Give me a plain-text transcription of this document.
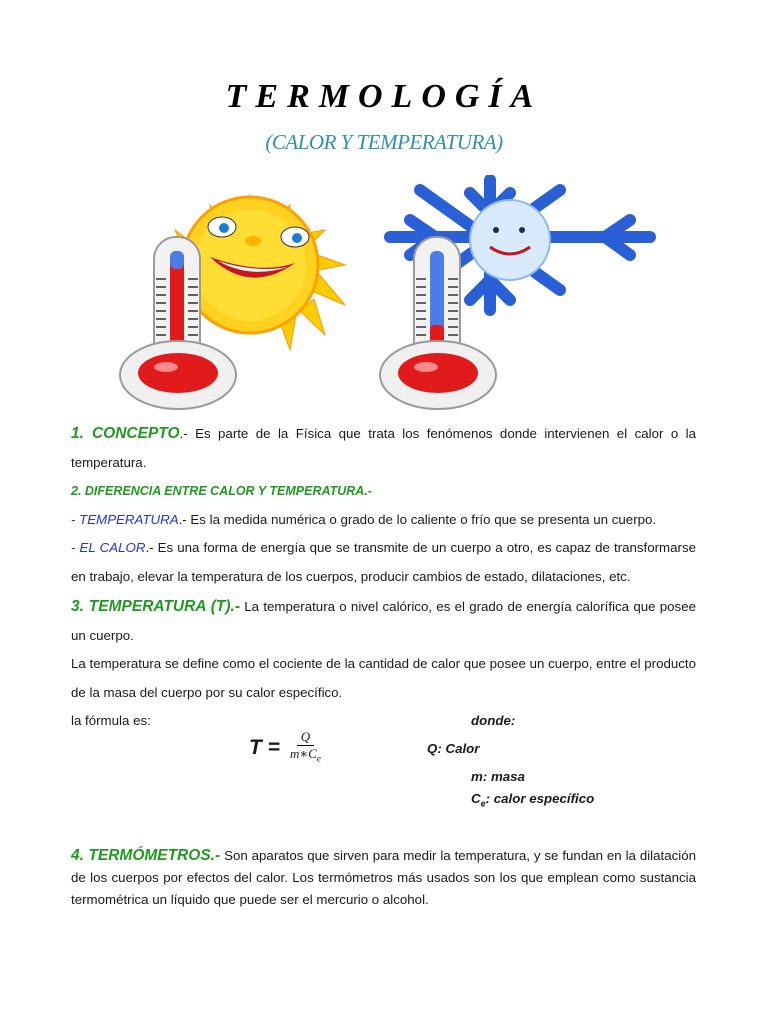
TERMOLOGÍA
(CALOR Y TEMPERATURA)

1. CONCEPTO.- Es parte de la Física que trata los fenómenos donde intervienen el calor o la temperatura.

2. DIFERENCIA ENTRE CALOR Y TEMPERATURA.-

- TEMPERATURA.- Es la medida numérica o grado de lo caliente o frío que se presenta un cuerpo.

- EL CALOR.- Es una forma de energía que se transmite de un cuerpo a otro, es capaz de transformarse en trabajo, elevar la temperatura de los cuerpos, producir cambios de estado, dilataciones, etc.

3. TEMPERATURA (T).- La temperatura o nivel calórico, es el grado de energía calorífica que posee un cuerpo.

La temperatura se define como el cociente de la cantidad de calor que posee un cuerpo, entre el producto de la masa del cuerpo por su calor específico.

la fórmula es:	donde:
$T = \frac{Q}{m∗C_e}$	Q: Calor
m: masa
$C_e$: calor específico

4. TERMÓMETROS.- Son aparatos que sirven para medir la temperatura, y se fundan en la dilatación de los cuerpos por efectos del calor. Los termómetros más usados son los que emplean como sustancia termométrica un líquido que puede ser el mercurio o alcohol.
